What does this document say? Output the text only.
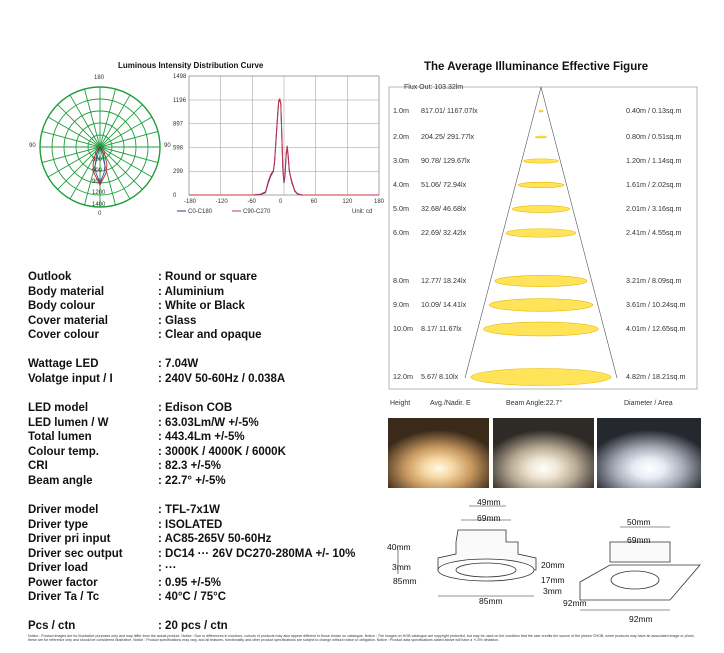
Luminous Intensity Distribution Curve
180
90	90
0
300
600
900
1200
1400
0
299
598
897
1196
1498
-180	-120	-60	0	60	120	180
C0-C180	C90-C270	Unit: cd
Outlook	: Round or square
Body material	: Aluminium
Body colour	: White or Black
Cover material	: Glass
Cover colour	: Clear and opaque
Wattage LED	: 7.04W
Volatge input / I	: 240V 50-60Hz / 0.038A
LED model	: Edison COB
LED lumen / W	: 63.03Lm/W +/-5%
Total lumen	: 443.4Lm +/-5%
Colour temp.	: 3000K / 4000K / 6000K
CRI	: 82.3 +/-5%
Beam angle	: 22.7° +/-5%
Driver model	: TFL-7x1W
Driver type	: ISOLATED
Driver pri input	: AC85-265V 50-60Hz
Driver sec output	: DC14 ··· 26V DC270-280MA +/- 10%
Driver load	: ···
Power factor	: 0.95 +/-5%
Driver Ta / Tc	: 40°C / 75°C
Pcs / ctn	: 20 pcs / ctn
The Average Illuminance Effective Figure
Flux Out: 103.32lm
1.0m 817.01/ 1167.07lx	0.40m / 0.13sq.m
2.0m 204.25/ 291.77lx	0.80m / 0.51sq.m
3.0m 90.78/ 129.67lx	1.20m / 1.14sq.m
4.0m 51.06/ 72.94lx	1.61m / 2.02sq.m
5.0m 32.68/ 46.68lx	2.01m / 3.16sq.m
6.0m 22.69/ 32.42lx	2.41m / 4.55sq.m
8.0m 12.77/ 18.24lx	3.21m / 8.09sq.m
9.0m 10.09/ 14.41lx	3.61m / 10.24sq.m
10.0m 8.17/ 11.67lx	4.01m / 12.65sq.m
12.0m 5.67/ 8.10lx	4.82m / 18.21sq.m
Height	Avg./Nadir. E	Beam Angle:22.7°	Diameter / Area
49mm
69mm
40mm
3mm
85mm
85mm
50mm
69mm
20mm
17mm
3mm
92mm
92mm
Notice : Product images are for illustrative purposes only and may differ from the actual product. Notice : Due to differences in monitors, colours of products may also appear different to those shown on catalogue. Notice : The images on HOB catalogue are copyright protected, but may be used on the condition that the user credits the source of the picture ©HOB, some products may have an associated image or photo, these are for reference only and should be considered illustrative. Notice : Product specifications may vary, and all features, functionality and other product specifications are subject to change without notice or obligation. Notice : Product data specifications stated above will have a +/-5% deviation.
